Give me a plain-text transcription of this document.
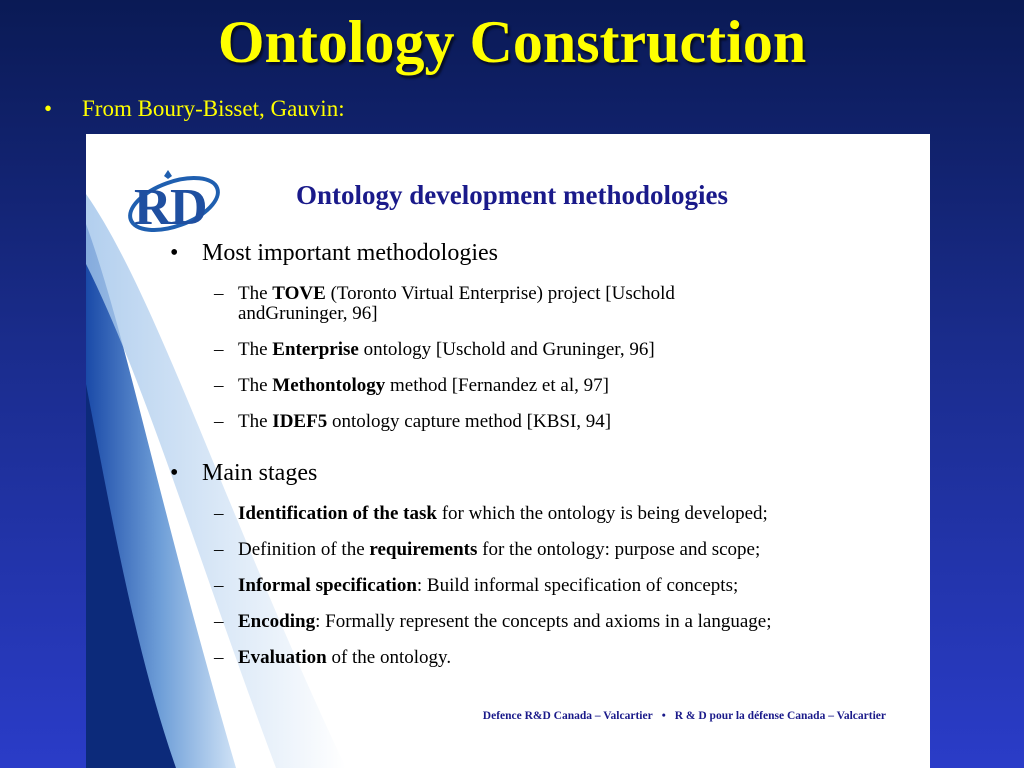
Ontology Construction
• From Boury-Bisset, Gauvin:
R
D	Ontology development methodologies
• Most important methodologies
– The TOVE (Toronto Virtual Enterprise) project [Uschold
andGruninger, 96]
– The Enterprise ontology [Uschold and Gruninger, 96]
– The Methontology method [Fernandez et al, 97]
– The IDEF5 ontology capture method [KBSI, 94]
• Main stages
– Identification of the task for which the ontology is being developed;
– Definition of the requirements for the ontology: purpose and scope;
– Informal specification: Build informal specification of concepts;
– Encoding: Formally represent the concepts and axioms in a language;
– Evaluation of the ontology.
Defence R&D Canada – Valcartier • R & D pour la défense Canada – Valcartier
